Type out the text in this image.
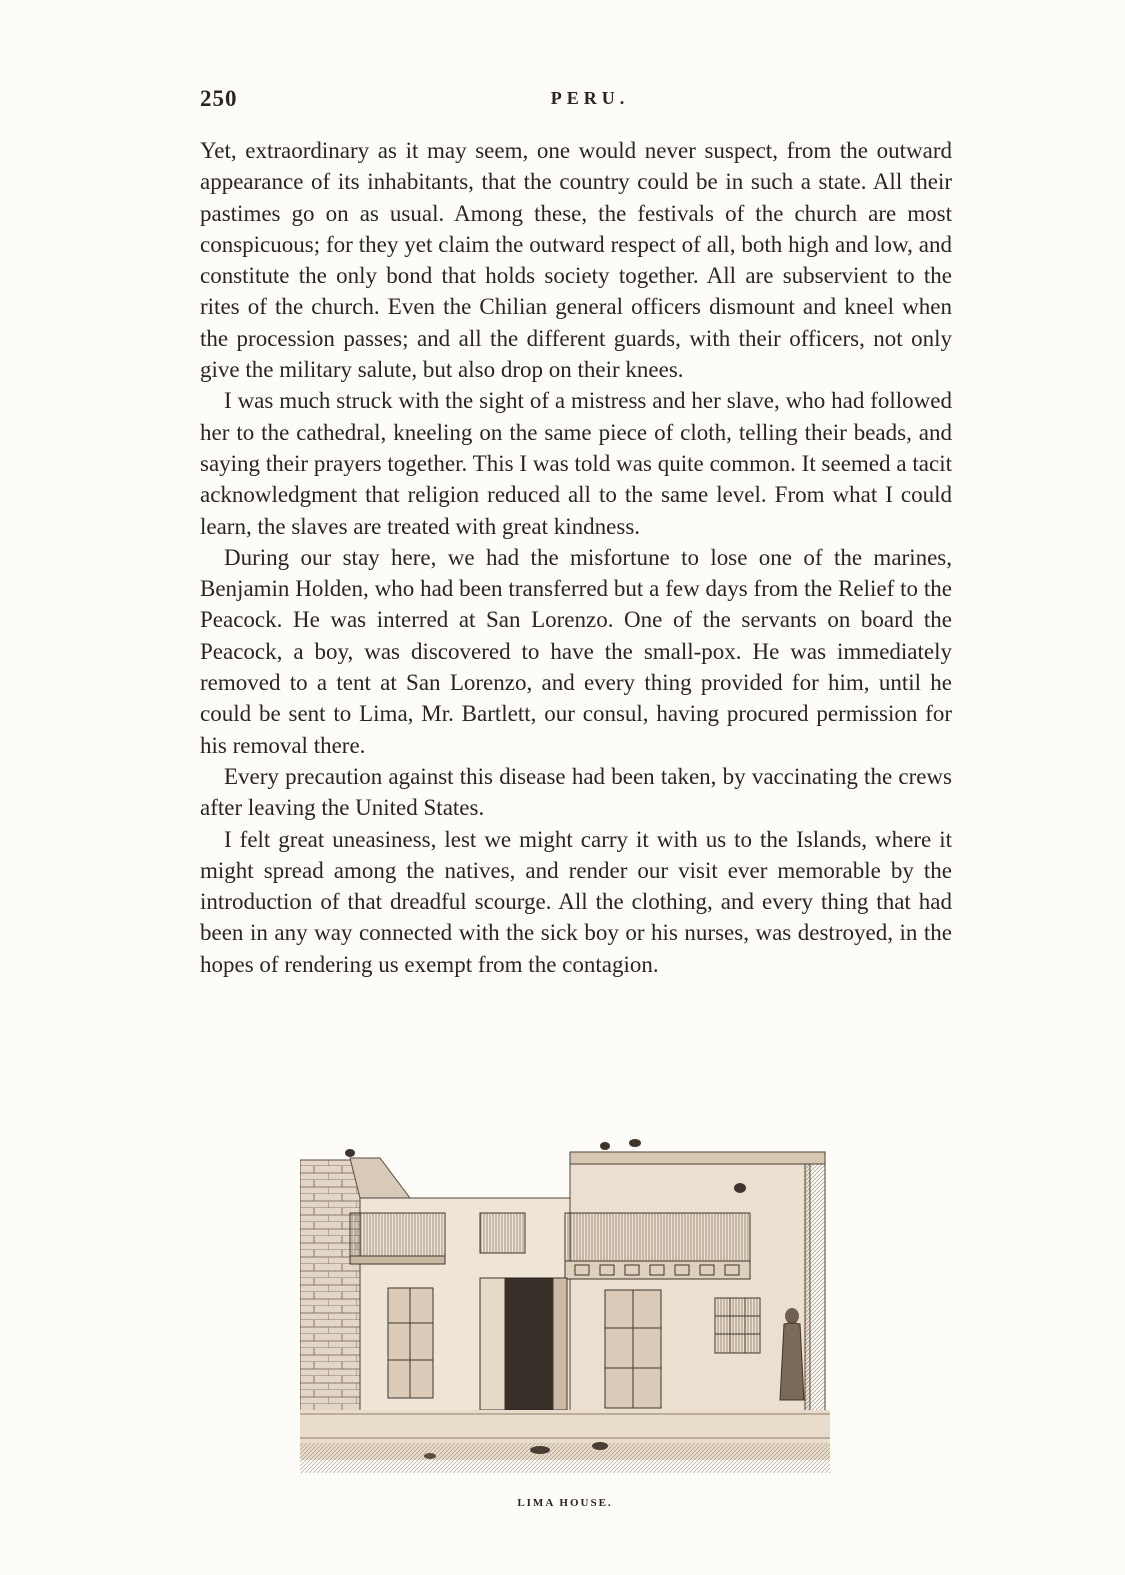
250	PERU.

Yet, extraordinary as it may seem, one would never suspect, from the outward appearance of its inhabitants, that the country could be in such a state. All their pastimes go on as usual. Among these, the festivals of the church are most conspicuous; for they yet claim the outward respect of all, both high and low, and constitute the only bond that holds society together. All are subservient to the rites of the church. Even the Chilian general officers dismount and kneel when the procession passes; and all the different guards, with their officers, not only give the military salute, but also drop on their knees.

I was much struck with the sight of a mistress and her slave, who had followed her to the cathedral, kneeling on the same piece of cloth, telling their beads, and saying their prayers together. This I was told was quite common. It seemed a tacit acknowledgment that religion reduced all to the same level. From what I could learn, the slaves are treated with great kindness.

During our stay here, we had the misfortune to lose one of the marines, Benjamin Holden, who had been transferred but a few days from the Relief to the Peacock. He was interred at San Lorenzo. One of the servants on board the Peacock, a boy, was discovered to have the small-pox. He was immediately removed to a tent at San Lorenzo, and every thing provided for him, until he could be sent to Lima, Mr. Bartlett, our consul, having procured permission for his removal there.

Every precaution against this disease had been taken, by vaccinating the crews after leaving the United States.

I felt great uneasiness, lest we might carry it with us to the Islands, where it might spread among the natives, and render our visit ever memorable by the introduction of that dreadful scourge. All the clothing, and every thing that had been in any way connected with the sick boy or his nurses, was destroyed, in the hopes of rendering us exempt from the contagion.

LIMA HOUSE.
